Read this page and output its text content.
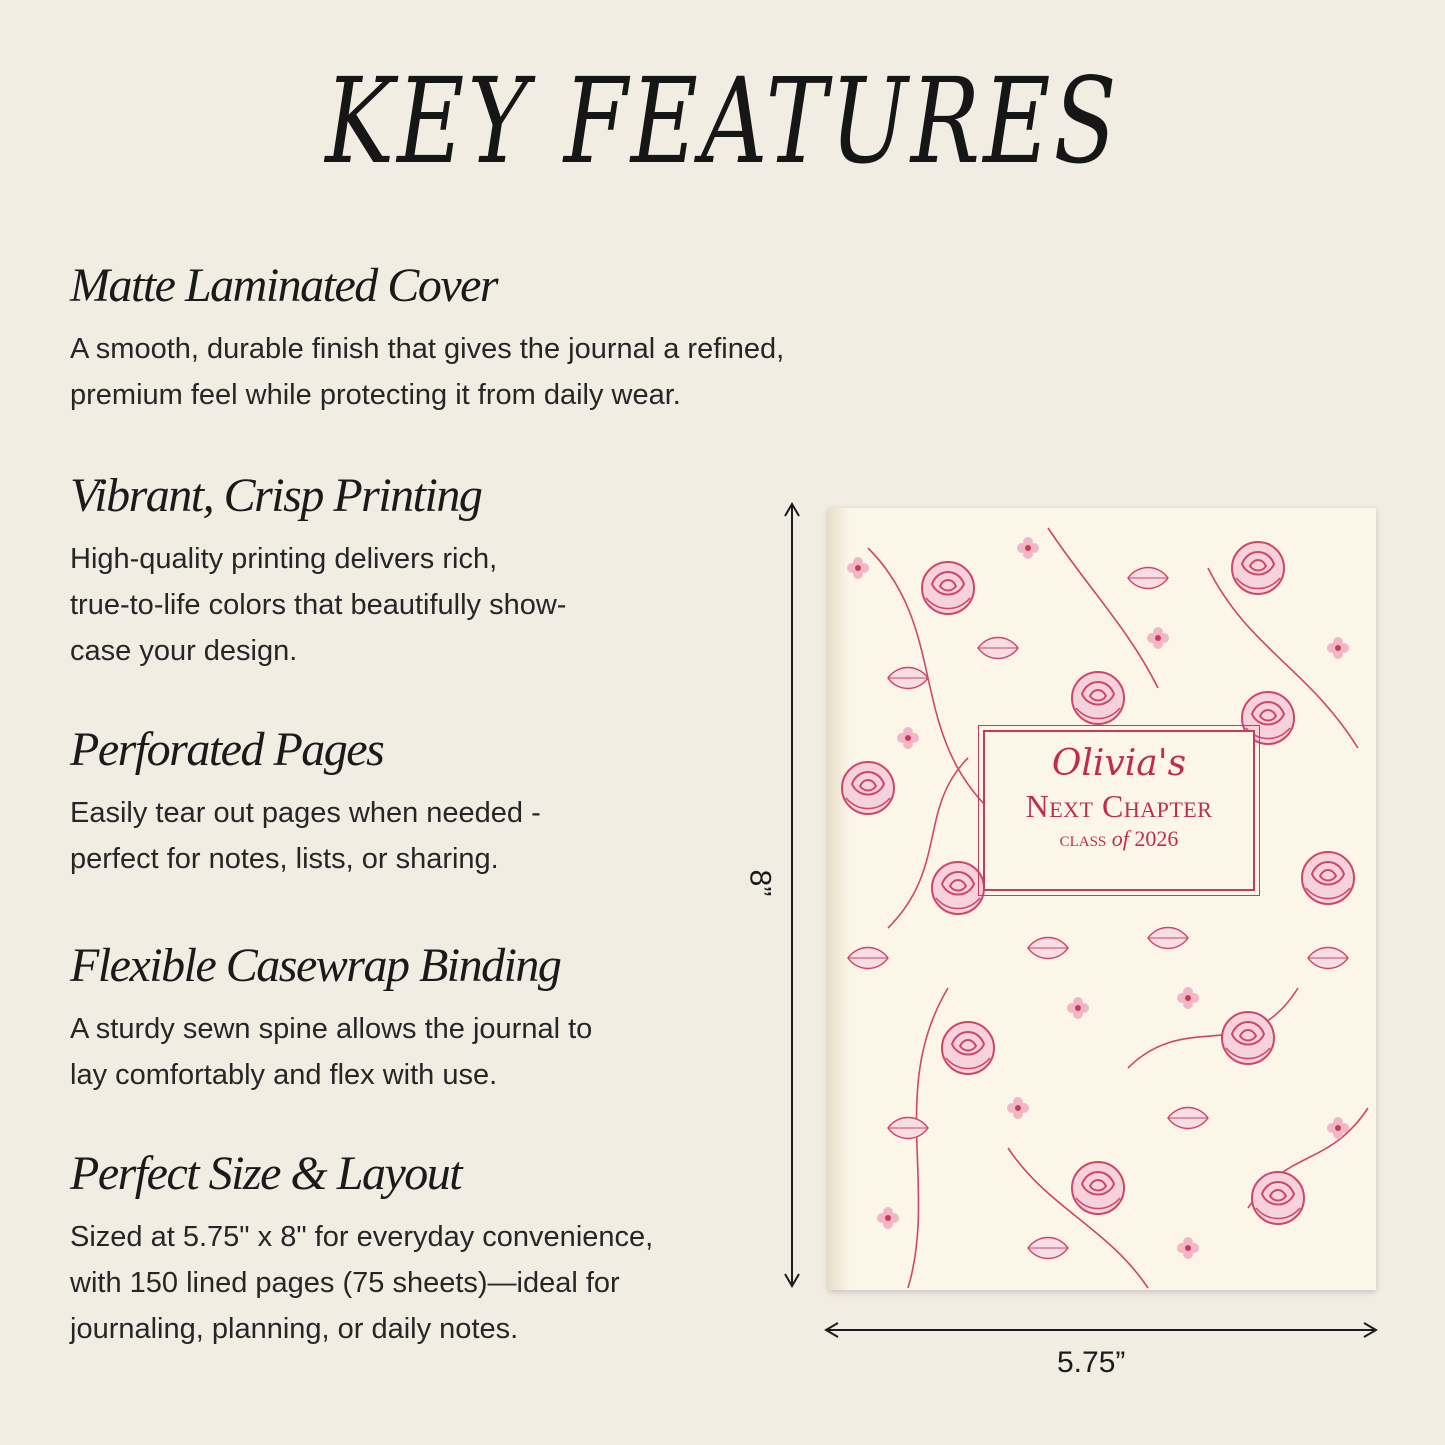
KEY FEATURES
Matte Laminated Cover

A smooth, durable finish that gives the journal a refined,
premium feel while protecting it from daily wear.

Vibrant, Crisp Printing

High-quality printing delivers rich,
true-to-life colors that beautifully show-
case your design.

Perforated Pages

Easily tear out pages when needed -
perfect for notes, lists, or sharing.

Flexible Casewrap Binding

A sturdy sewn spine allows the journal to
lay comfortably and flex with use.

Perfect Size & Layout

Sized at 5.75" x 8" for everyday convenience,
with 150 lined pages (75 sheets)—ideal for
journaling, planning, or daily notes.

8”
5.75”
Olivia's
Next Chapter
class of 2026
